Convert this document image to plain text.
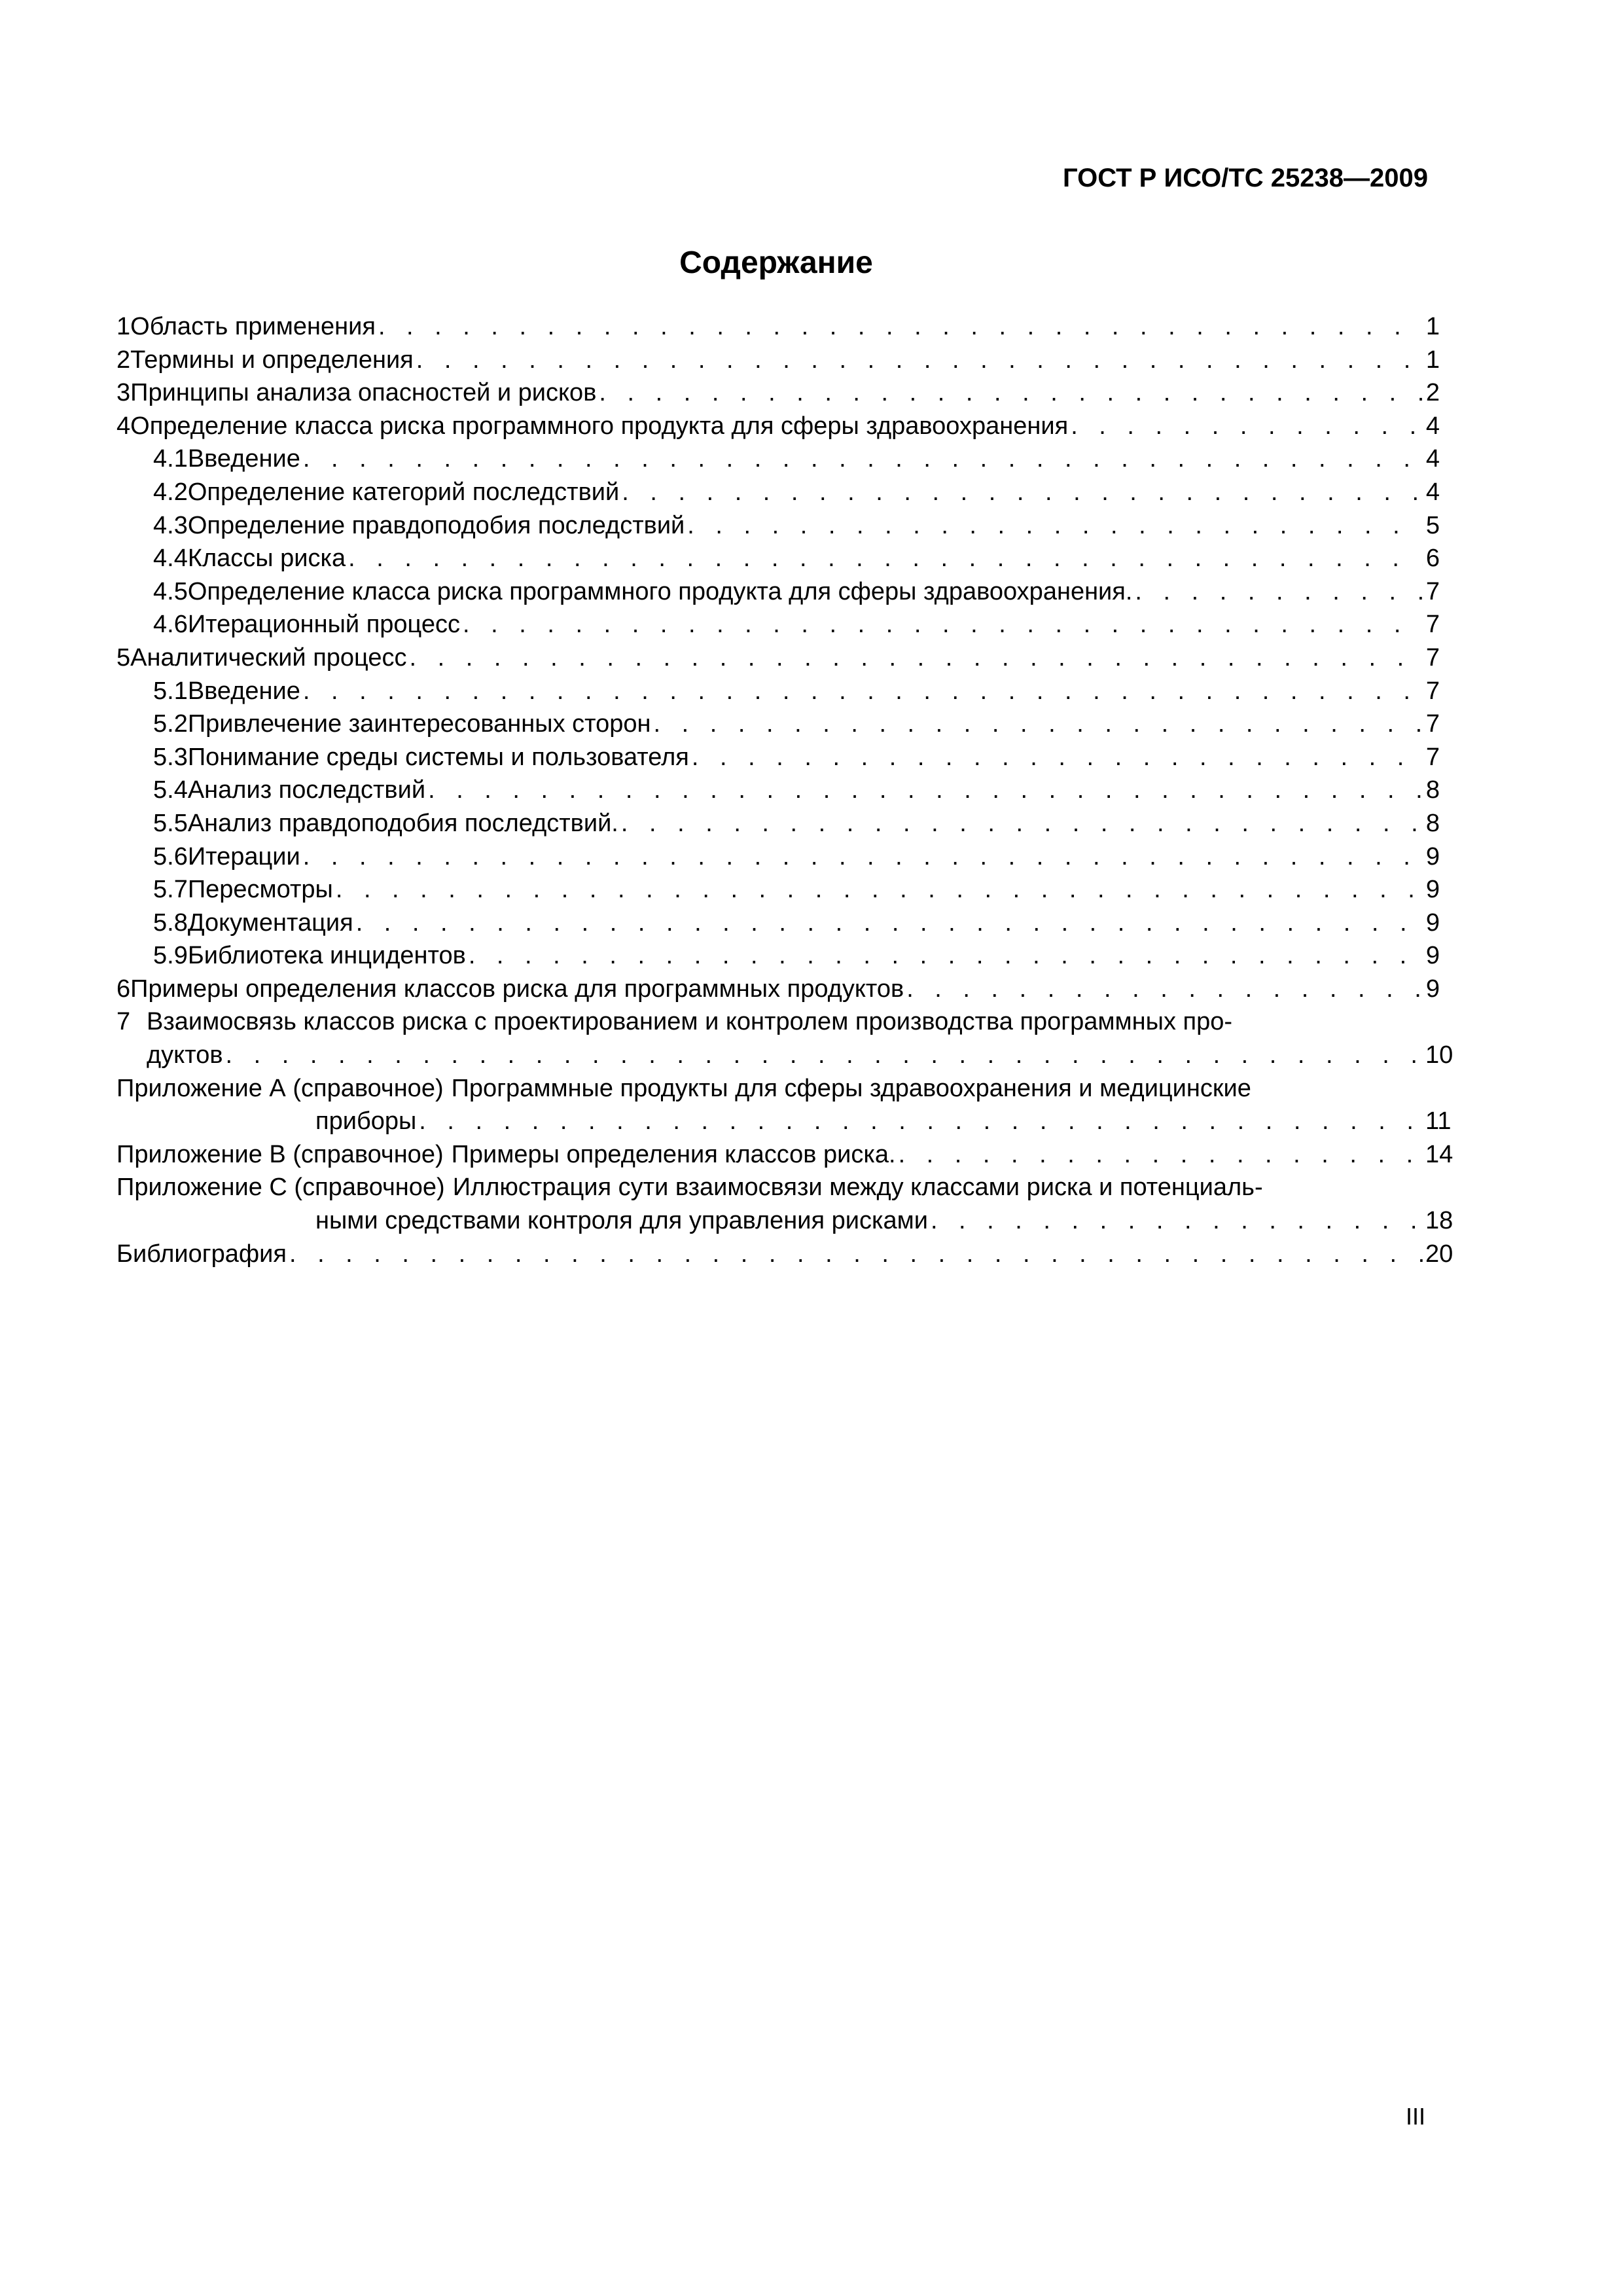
ГОСТ Р ИСО/ТС 25238—2009
Содержание
1 Область применения . . .	1
2 Термины и определения . . .	1
3 Принципы анализа опасностей и рисков . . .	2
4 Определение класса риска программного продукта для сферы здравоохранения . . .	4
4.1 Введение . . .	4
4.2 Определение категорий последствий . . .	4
4.3 Определение правдоподобия последствий . . .	5
4.4 Классы риска . . .	6
4.5 Определение класса риска программного продукта для сферы здравоохранения. . . .	7
4.6 Итерационный процесс . . .	7
5 Аналитический процесс . . .	7
5.1 Введение . . .	7
5.2 Привлечение заинтересованных сторон . . .	7
5.3 Понимание среды системы и пользователя . . .	7
5.4 Анализ последствий . . .	8
5.5 Анализ правдоподобия последствий. . . .	8
5.6 Итерации . . .	9
5.7 Пересмотры . . .	9
5.8 Документация . . .	9
5.9 Библиотека инцидентов . . .	9
6 Примеры определения классов риска для программных продуктов . . .	9
7 Взаимосвязь классов риска с проектированием и контролем производства программных про-
дуктов . . .	10
Приложение А (справочное) Программные продукты для сферы здравоохранения и медицинские
приборы . . .	11
Приложение В (справочное) Примеры определения классов риска. . . .	14
Приложение С (справочное) Иллюстрация сути взаимосвязи между классами риска и потенциаль-
ными средствами контроля для управления рисками . . .	18
Библиография . . .	20
III
